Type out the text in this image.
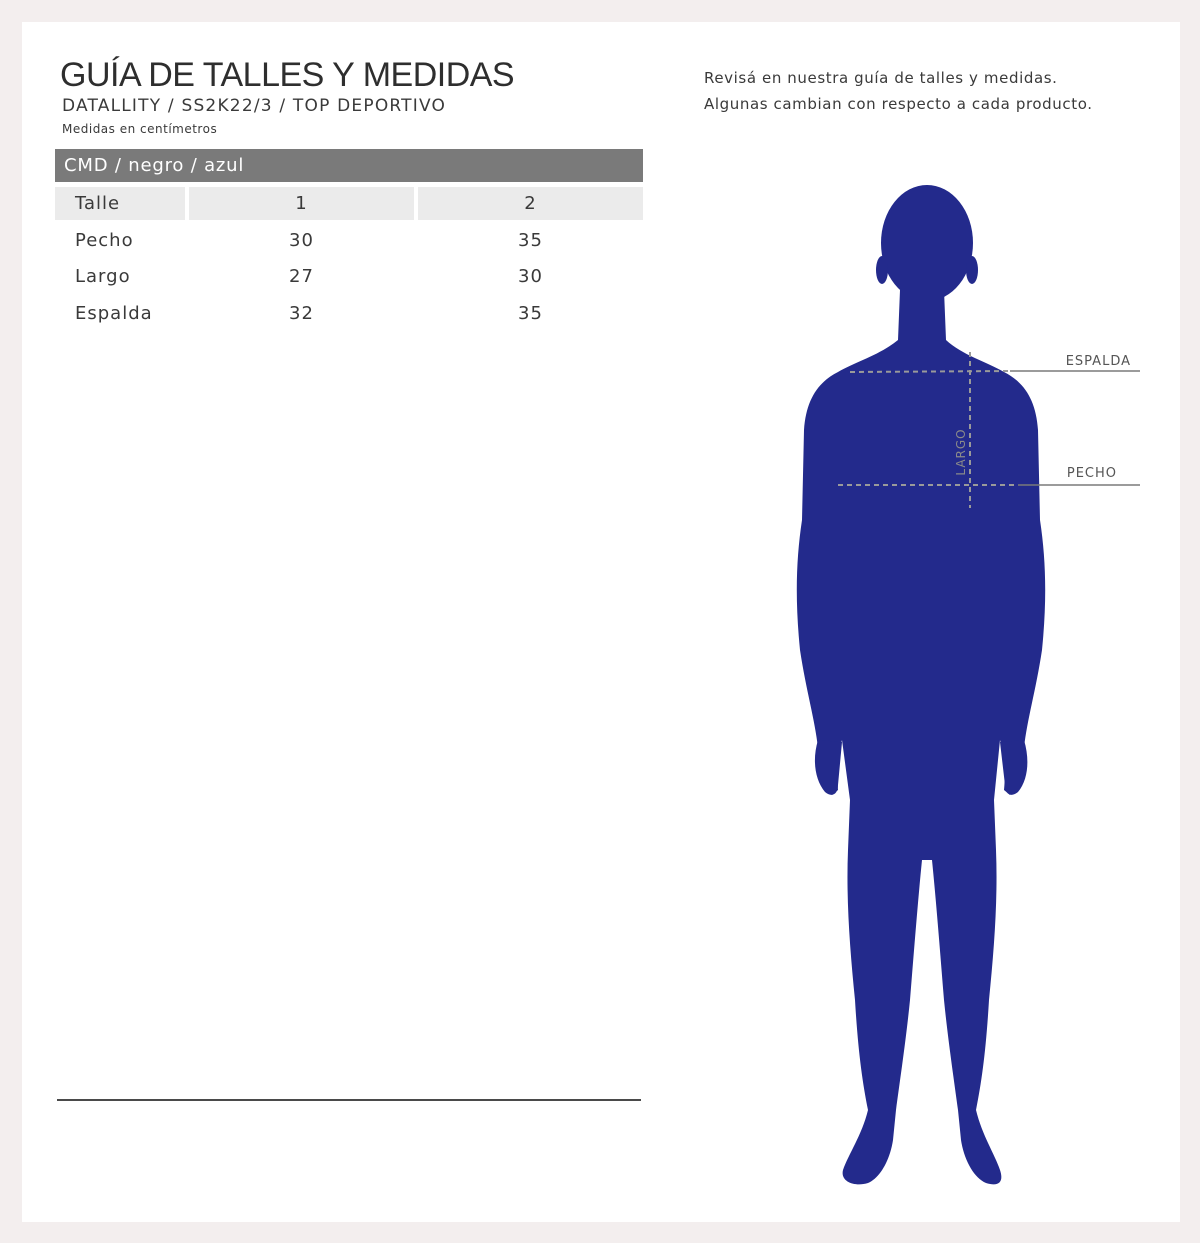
GUÍA DE TALLES Y MEDIDAS
DATALLITY / SS2K22/3 / TOP DEPORTIVO
Medidas en centímetros
Revisá en nuestra guía de talles y medidas.
Algunas cambian con respecto a cada producto.
CMD / negro / azul
Talle	1	2
Pecho	30	35
Largo	27	30
Espalda	32	35
ESPALDA
PECHO
LARGO
